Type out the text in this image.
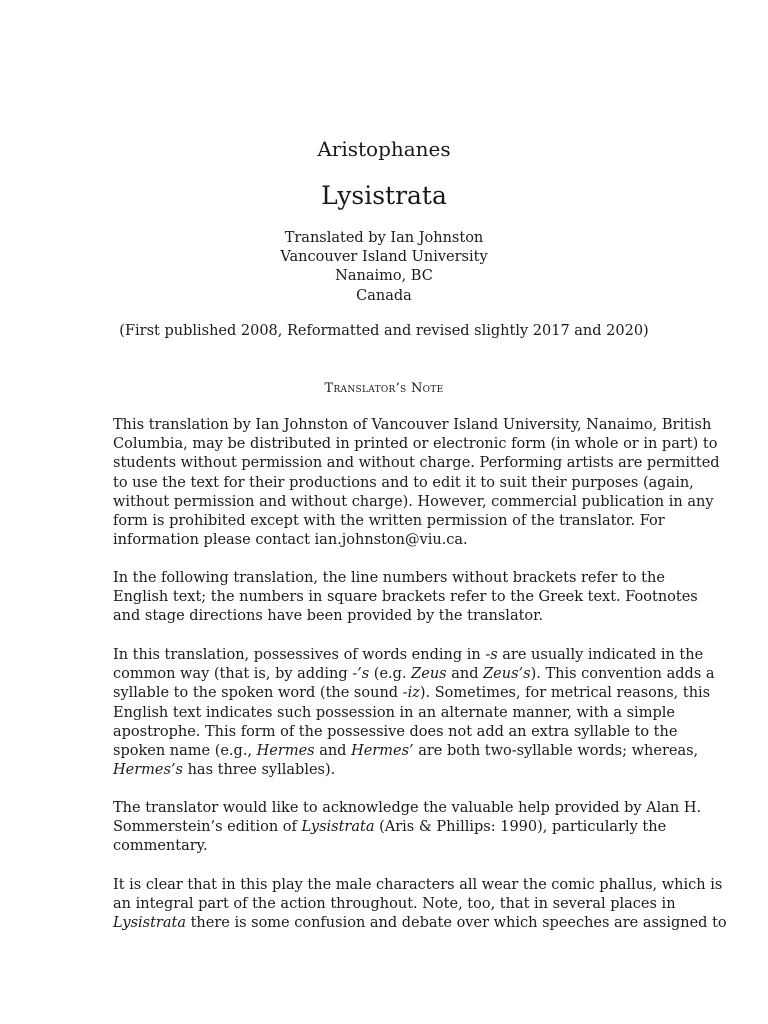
Aristophanes
Lysistrata
Translated by Ian Johnston
Vancouver Island University
Nanaimo, BC
Canada
(First published 2008, Reformatted and revised slightly 2017 and 2020)
Translator’s Note
This translation by Ian Johnston of Vancouver Island University, Nanaimo, British
Columbia, may be distributed in printed or electronic form (in whole or in part) to
students without permission and without charge. Performing artists are permitted
to use the text for their productions and to edit it to suit their purposes (again,
without permission and without charge). However, commercial publication in any
form is prohibited except with the written permission of the translator. For
information please contact ian.johnston@viu.ca.
In the following translation, the line numbers without brackets refer to the
English text; the numbers in square brackets refer to the Greek text. Footnotes
and stage directions have been provided by the translator.
In this translation, possessives of words ending in -s are usually indicated in the
common way (that is, by adding -’s (e.g. Zeus and Zeus’s). This convention adds a
syllable to the spoken word (the sound -iz). Sometimes, for metrical reasons, this
English text indicates such possession in an alternate manner, with a simple
apostrophe. This form of the possessive does not add an extra syllable to the
spoken name (e.g., Hermes and Hermes’ are both two-syllable words; whereas,
Hermes’s has three syllables).
The translator would like to acknowledge the valuable help provided by Alan H.
Sommerstein’s edition of Lysistrata (Aris & Phillips: 1990), particularly the
commentary.
It is clear that in this play the male characters all wear the comic phallus, which is
an integral part of the action throughout. Note, too, that in several places in
Lysistrata there is some confusion and debate over which speeches are assigned to
